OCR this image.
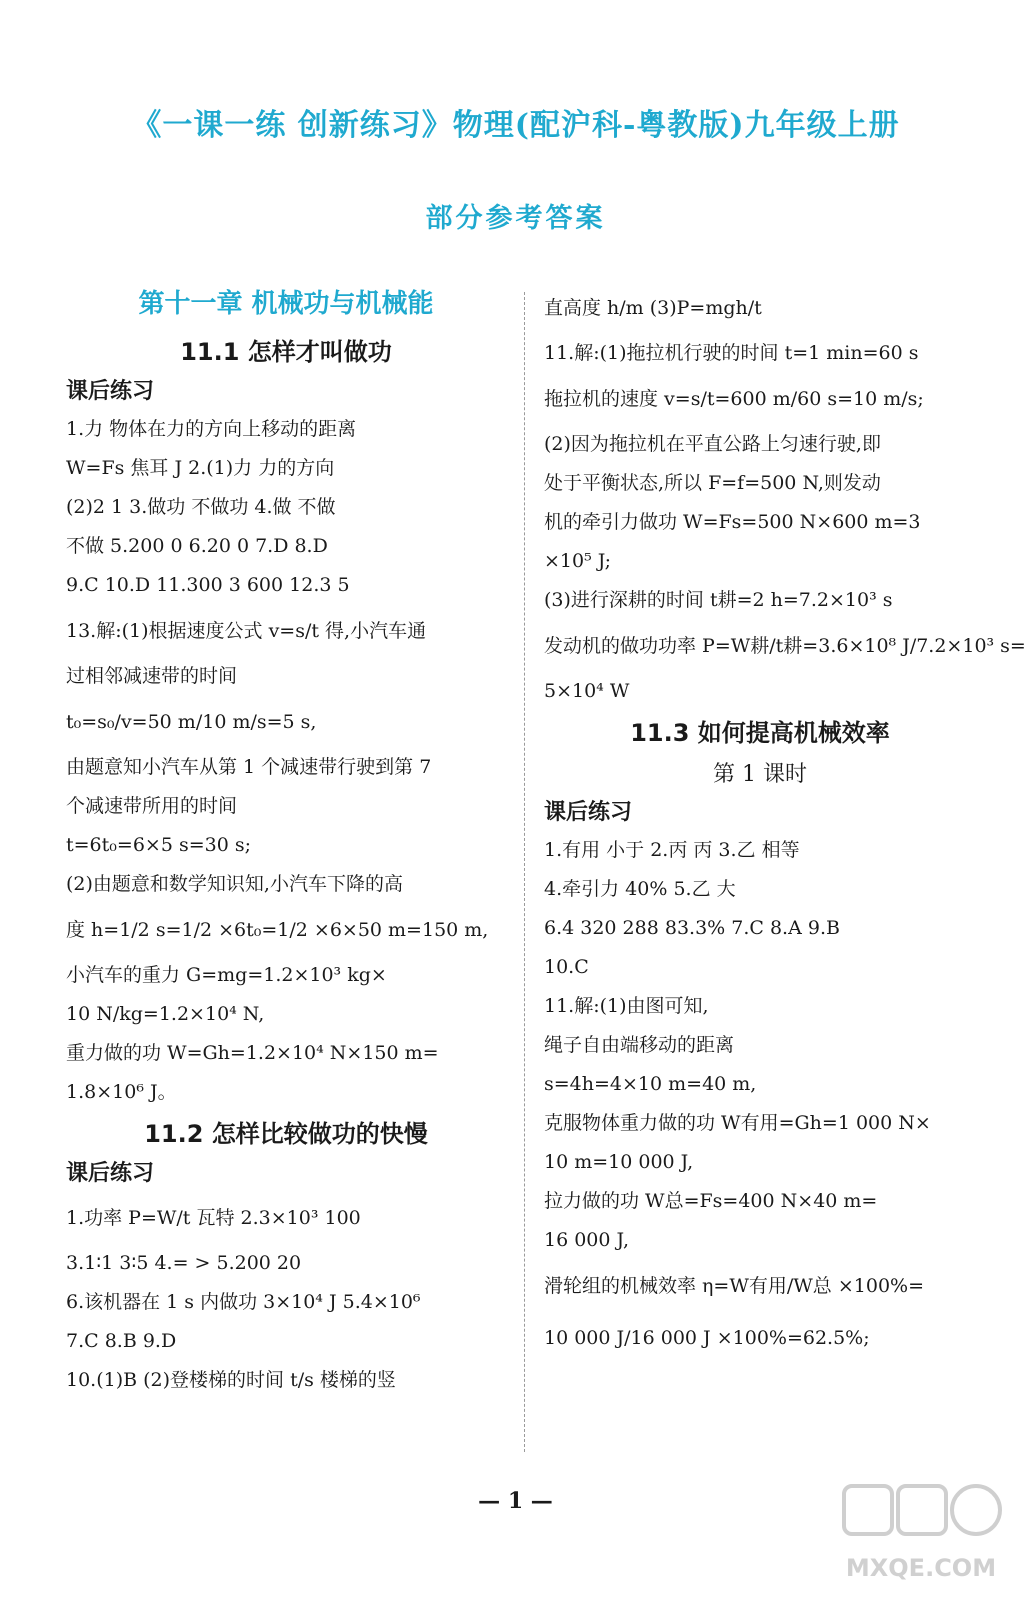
《一课一练 创新练习》物理(配沪科-粤教版)九年级上册
部分参考答案
第十一章 机械功与机械能
11.1 怎样才叫做功
课后练习
1.力 物体在力的方向上移动的距离
W=Fs 焦耳 J 2.(1)力 力的方向
(2)2 1 3.做功 不做功 4.做 不做
不做 5.200 0 6.20 0 7.D 8.D
9.C 10.D 11.300 3 600 12.3 5
13.解:(1)根据速度公式 v=s/t 得,小汽车通
过相邻减速带的时间
t₀=s₀/v=50 m/10 m/s=5 s,
由题意知小汽车从第 1 个减速带行驶到第 7
个减速带所用的时间
t=6t₀=6×5 s=30 s;
(2)由题意和数学知识知,小汽车下降的高
度 h=1/2 s=1/2 ×6t₀=1/2 ×6×50 m=150 m,
小汽车的重力 G=mg=1.2×10³ kg×
10 N/kg=1.2×10⁴ N,
重力做的功 W=Gh=1.2×10⁴ N×150 m=
1.8×10⁶ J。
11.2 怎样比较做功的快慢
课后练习
1.功率 P=W/t 瓦特 2.3×10³ 100
3.1∶1 3∶5 4.= > 5.200 20
6.该机器在 1 s 内做功 3×10⁴ J 5.4×10⁶
7.C 8.B 9.D
10.(1)B (2)登楼梯的时间 t/s 楼梯的竖
直高度 h/m (3)P=mgh/t
11.解:(1)拖拉机行驶的时间 t=1 min=60 s
拖拉机的速度 v=s/t=600 m/60 s=10 m/s;
(2)因为拖拉机在平直公路上匀速行驶,即
处于平衡状态,所以 F=f=500 N,则发动
机的牵引力做功 W=Fs=500 N×600 m=3
×10⁵ J;
(3)进行深耕的时间 t耕=2 h=7.2×10³ s
发动机的做功功率 P=W耕/t耕=3.6×10⁸ J/7.2×10³ s=
5×10⁴ W
11.3 如何提高机械效率
第 1 课时
课后练习
1.有用 小于 2.丙 丙 3.乙 相等
4.牵引力 40% 5.乙 大
6.4 320 288 83.3% 7.C 8.A 9.B
10.C
11.解:(1)由图可知,
绳子自由端移动的距离
s=4h=4×10 m=40 m,
克服物体重力做的功 W有用=Gh=1 000 N×
10 m=10 000 J,
拉力做的功 W总=Fs=400 N×40 m=
16 000 J,
滑轮组的机械效率 η=W有用/W总 ×100%=
10 000 J/16 000 J ×100%=62.5%;
— 1 —
MXQE.COM
